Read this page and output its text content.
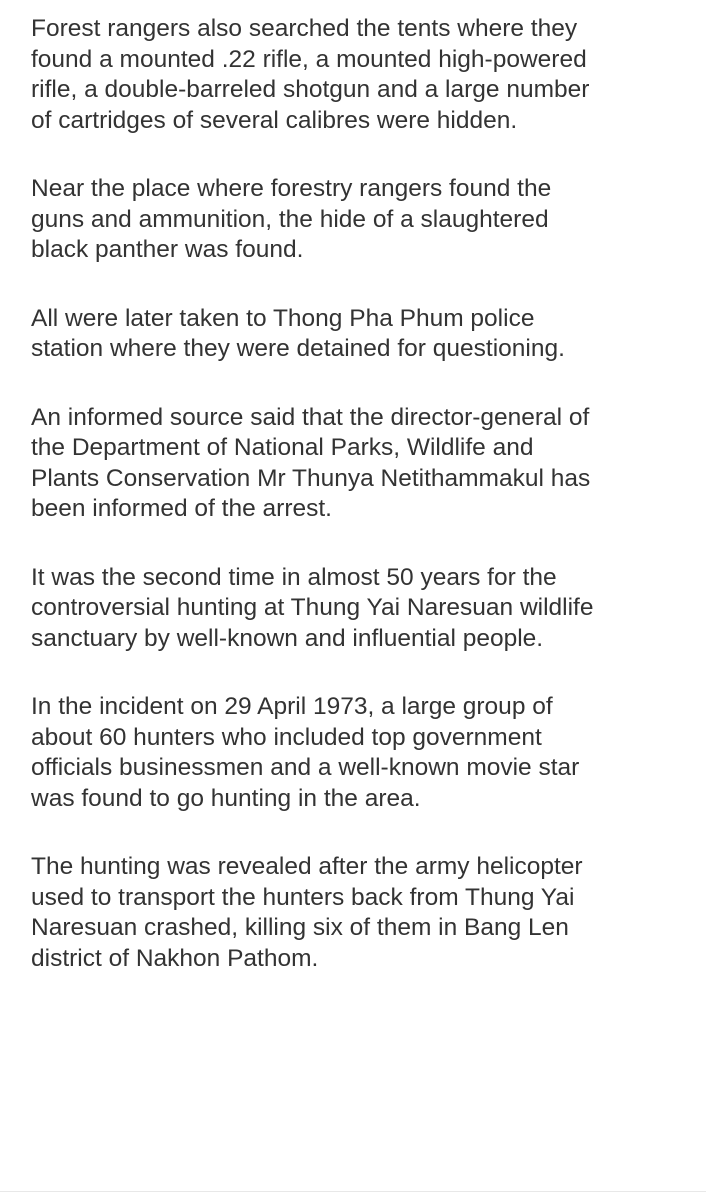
Forest rangers also searched the tents where they
found a mounted .22 rifle, a mounted high-powered
rifle, a double-barreled shotgun and a large number
of cartridges of several calibres were hidden.

Near the place where forestry rangers found the
guns and ammunition, the hide of a slaughtered
black panther was found.

All were later taken to Thong Pha Phum police
station where they were detained for questioning.

An informed source said that the director-general of
the Department of National Parks, Wildlife and
Plants Conservation Mr Thunya Netithammakul has
been informed of the arrest.

It was the second time in almost 50 years for the
controversial hunting at Thung Yai Naresuan wildlife
sanctuary by well-known and influential people.

In the incident on 29 April 1973, a large group of
about 60 hunters who included top government
officials businessmen and a well-known movie star
was found to go hunting in the area.

The hunting was revealed after the army helicopter
used to transport the hunters back from Thung Yai
Naresuan crashed, killing six of them in Bang Len
district of Nakhon Pathom.
